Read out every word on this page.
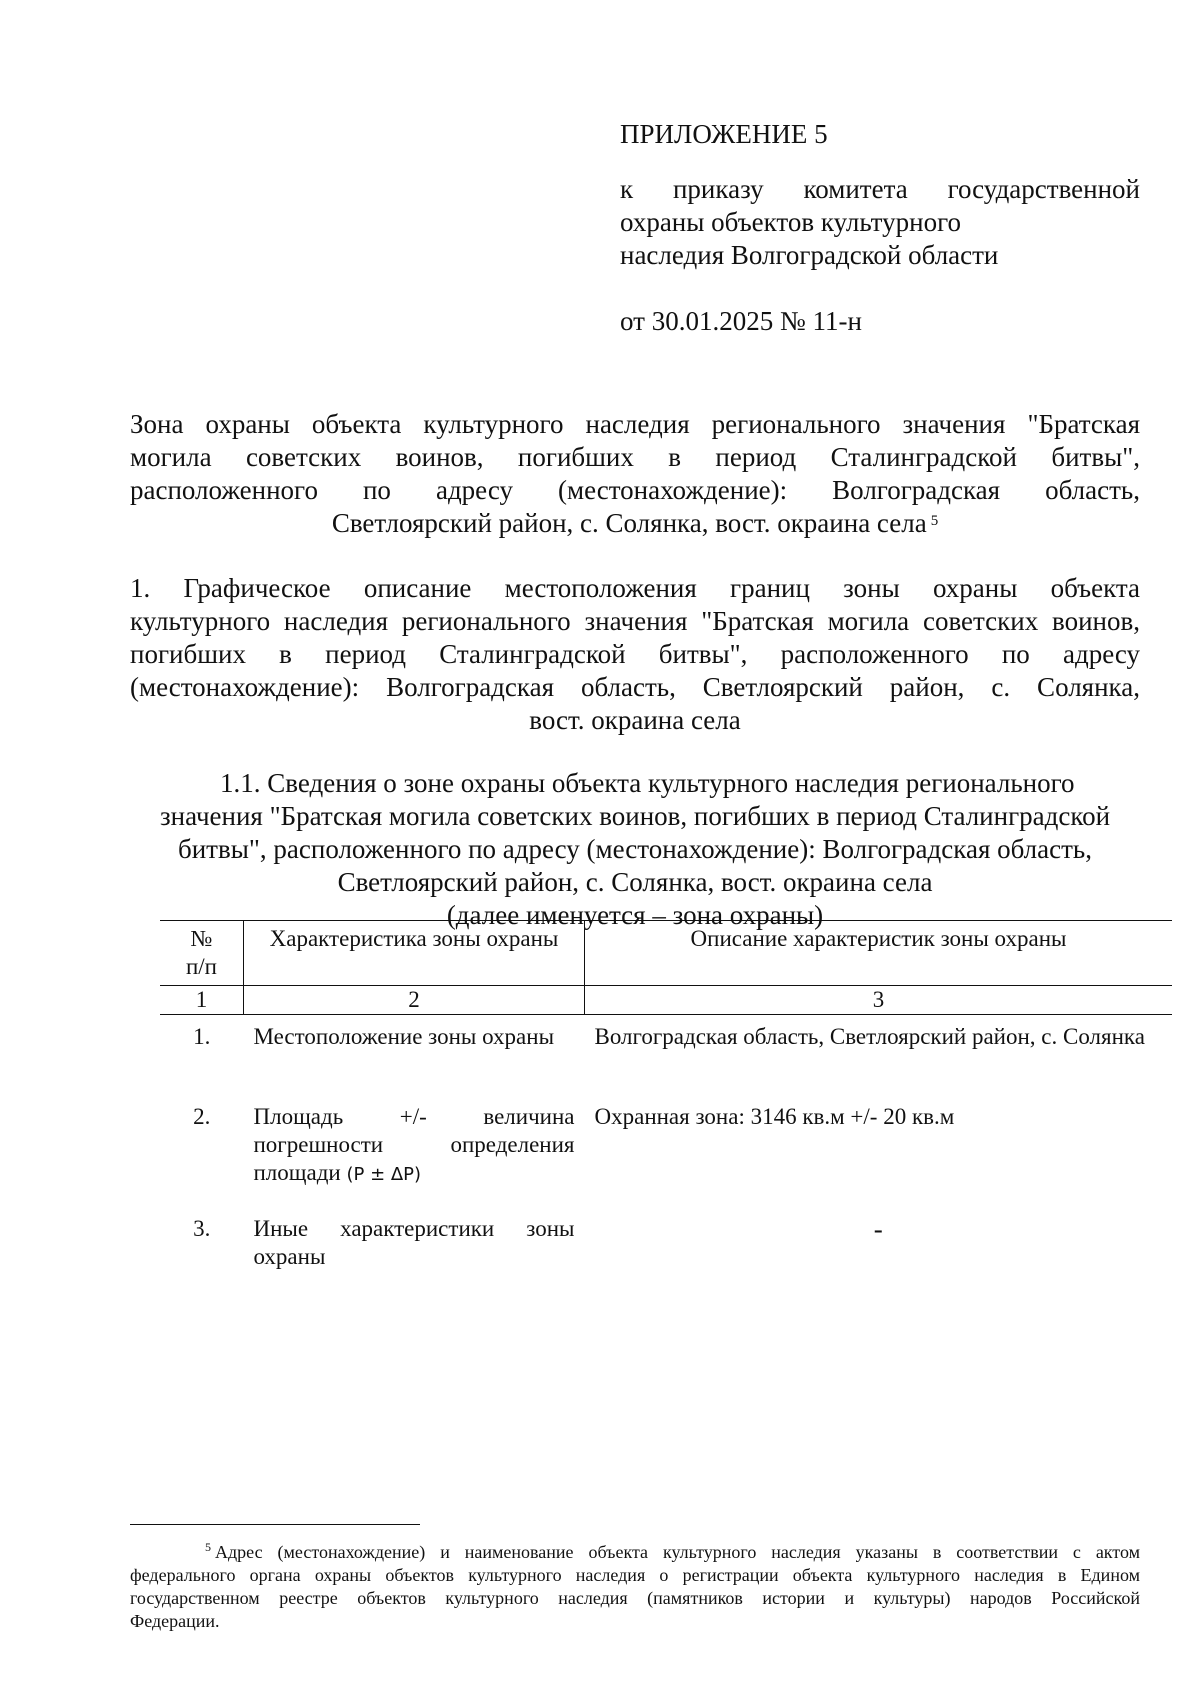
ПРИЛОЖЕНИЕ 5
к приказу комитета государственной
охраны объектов культурного
наследия Волгоградской области
от 30.01.2025 № 11-н
Зона охраны объекта культурного наследия регионального значения "Братская
могила советских воинов, погибших в период Сталинградской битвы",
расположенного по адресу (местонахождение): Волгоградская область,
Светлоярский район, с. Солянка, вост. окраина села $^5$
1. Графическое описание местоположения границ зоны охраны объекта
культурного наследия регионального значения "Братская могила советских воинов,
погибших в период Сталинградской битвы", расположенного по адресу
(местонахождение): Волгоградская область, Светлоярский район, с. Солянка,
вост. окраина села
1.1. Сведения о зоне охраны объекта культурного наследия регионального
значения "Братская могила советских воинов, погибших в период Сталинградской
битвы", расположенного по адресу (местонахождение): Волгоградская область,
Светлоярский район, с. Солянка, вост. окраина села
(далее именуется – зона охраны)
№
п/п	Характеристика зоны охраны	Описание характеристик зоны охраны
1	2	3
1.	Местоположение зоны охраны	Волгоградская область, Светлоярский район, с. Солянка
2.	Площадь +/- величина
погрешности определения
площади (P ± ΔP)	Охранная зона: 3146 кв.м +/- 20 кв.м
3.	Иные характеристики зоны охраны	-
$^5$ Адрес (местонахождение) и наименование объекта культурного наследия указаны в соответствии с актом
федерального органа охраны объектов культурного наследия о регистрации объекта культурного наследия в Едином
государственном реестре объектов культурного наследия (памятников истории и культуры) народов Российской
Федерации.
